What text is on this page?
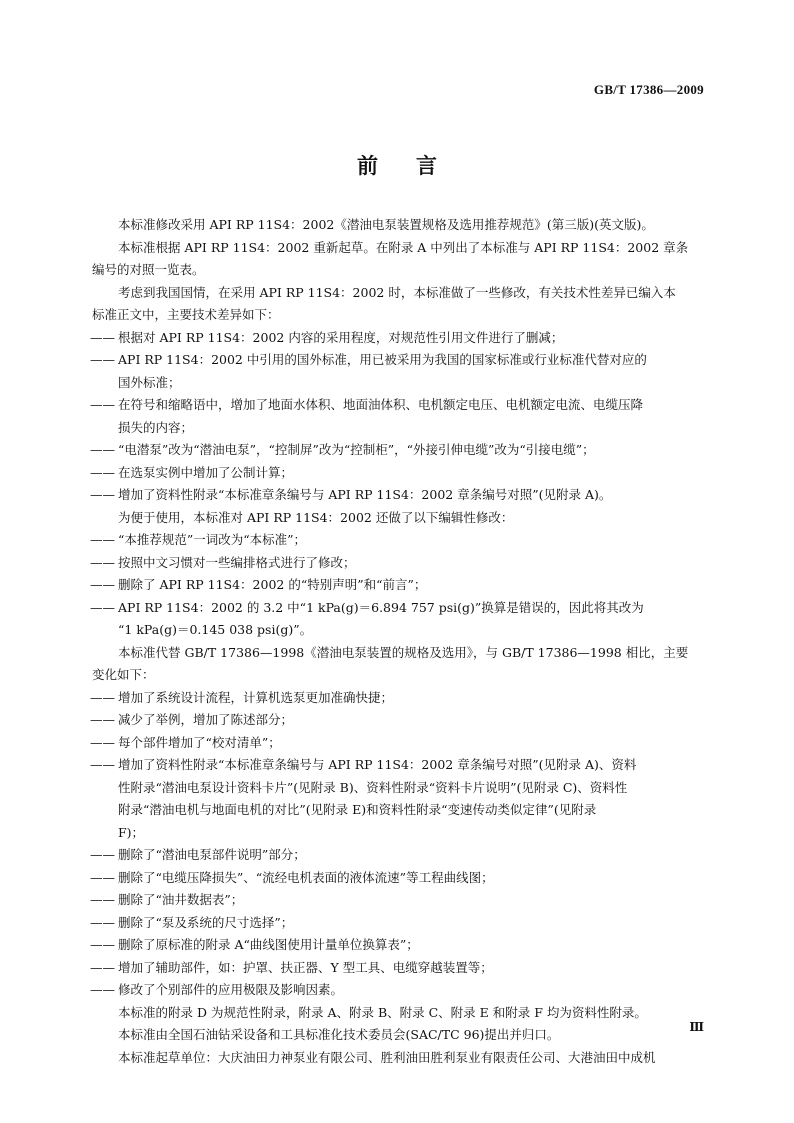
GB/T 17386—2009
前 言
本标准修改采用 API RP 11S4：2002《潜油电泵装置规格及选用推荐规范》(第三版)(英文版)。
本标准根据 API RP 11S4：2002 重新起草。在附录 A 中列出了本标准与 API RP 11S4：2002 章条
编号的对照一览表。
考虑到我国国情，在采用 API RP 11S4：2002 时，本标准做了一些修改，有关技术性差异已编入本
标准正文中，主要技术差异如下：
—— 根据对 API RP 11S4：2002 内容的采用程度，对规范性引用文件进行了删减；
—— API RP 11S4：2002 中引用的国外标准，用已被采用为我国的国家标准或行业标准代替对应的
国外标准；
—— 在符号和缩略语中，增加了地面水体积、地面油体积、电机额定电压、电机额定电流、电缆压降
损失的内容；
—— “电潜泵”改为“潜油电泵”，“控制屏”改为“控制柜”，“外接引伸电缆”改为“引接电缆”；
—— 在选泵实例中增加了公制计算；
—— 增加了资料性附录“本标准章条编号与 API RP 11S4：2002 章条编号对照”(见附录 A)。
为便于使用，本标准对 API RP 11S4：2002 还做了以下编辑性修改：
—— “本推荐规范”一词改为“本标准”；
—— 按照中文习惯对一些编排格式进行了修改；
—— 删除了 API RP 11S4：2002 的“特别声明”和“前言”；
—— API RP 11S4：2002 的 3.2 中“1 kPa(g)＝6.894 757 psi(g)”换算是错误的，因此将其改为
“1 kPa(g)＝0.145 038 psi(g)”。
本标准代替 GB/T 17386—1998《潜油电泵装置的规格及选用》，与 GB/T 17386—1998 相比，主要
变化如下：
—— 增加了系统设计流程，计算机选泵更加准确快捷；
—— 减少了举例，增加了陈述部分；
—— 每个部件增加了“校对清单”；
—— 增加了资料性附录“本标准章条编号与 API RP 11S4：2002 章条编号对照”(见附录 A)、资料
性附录“潜油电泵设计资料卡片”(见附录 B)、资料性附录“资料卡片说明”(见附录 C)、资料性
附录“潜油电机与地面电机的对比”(见附录 E)和资料性附录“变速传动类似定律”(见附录
F)；
—— 删除了“潜油电泵部件说明”部分；
—— 删除了“电缆压降损失”、“流经电机表面的液体流速”等工程曲线图；
—— 删除了“油井数据表”；
—— 删除了“泵及系统的尺寸选择”；
—— 删除了原标准的附录 A“曲线图使用计量单位换算表”；
—— 增加了辅助部件，如：护罩、扶正器、Y 型工具、电缆穿越装置等；
—— 修改了个别部件的应用极限及影响因素。
本标准的附录 D 为规范性附录，附录 A、附录 B、附录 C、附录 E 和附录 F 均为资料性附录。
本标准由全国石油钻采设备和工具标准化技术委员会(SAC/TC 96)提出并归口。
本标准起草单位：大庆油田力神泵业有限公司、胜利油田胜利泵业有限责任公司、大港油田中成机
Ⅲ
